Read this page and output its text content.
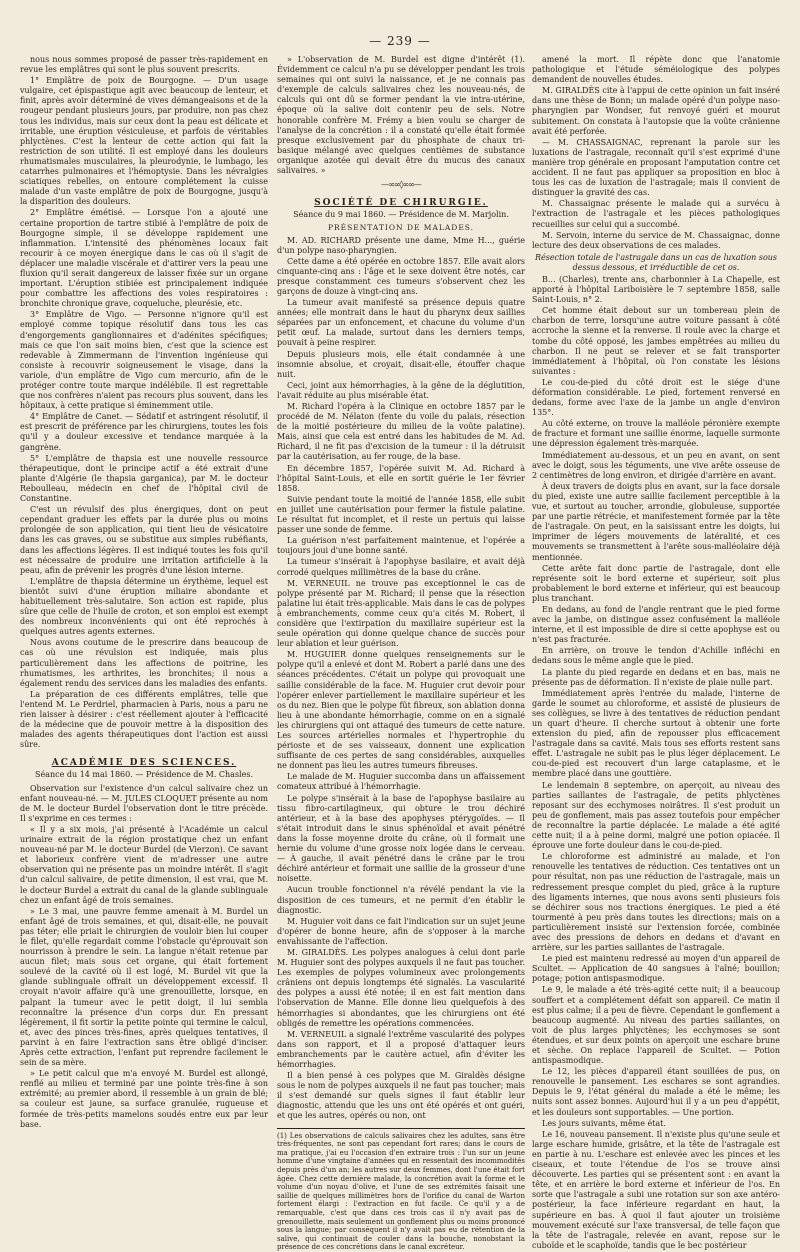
— 239 —

nous nous sommes proposé de passer très-rapidement en revue les emplâtres qui sont le plus souvent prescrits.

1° Emplâtre de poix de Bourgogne. — D'un usage vulgaire, cet épispastique agit avec beaucoup de lenteur, et finit, après avoir déterminé de vives démangeaisons et de la rougeur pendant plusieurs jours, par produire, non pas chez tous les individus, mais sur ceux dont la peau est délicate et irritable, une éruption vésiculeuse, et parfois de véritables phlyctènes. C'est la lenteur de cette action qui fait la restriction de son utilité. Il est employé dans les douleurs rhumatismales musculaires, la pleurodynie, le lumbago, les catarrhes pulmonaires et l'hémoptysie. Dans les névralgies sciatiques rebelles, on entoure complétement la cuisse malade d'un vaste emplâtre de poix de Bourgogne, jusqu'à la disparition des douleurs.

2° Emplâtre émétisé. — Lorsque l'on a ajouté une certaine proportion de tartre stibié à l'emplâtre de poix de Bourgogne simple, il se développe rapidement une inflammation. L'intensité des phénomènes locaux fait recourir à ce moyen énergique dans le cas où il s'agit de déplacer une maladie viscérale et d'attirer vers la peau une fluxion qu'il serait dangereux de laisser fixée sur un organe important. L'éruption stibiée est principalement indiquée pour combattre les affections des voies respiratoires : bronchite chronique grave, coqueluche, pleurésie, etc.

3° Emplâtre de Vigo. — Personne n'ignore qu'il est employé comme topique résolutif dans tous les cas d'engorgements ganglionnaires et d'adénites spécifiques; mais ce que l'on sait moins bien, c'est que la science est redevable à Zimmermann de l'invention ingénieuse qui consiste à recouvrir soigneusement le visage, dans la variole, d'un emplâtre de Vigo cum mercurio, afin de le protéger contre toute marque indélébile. Il est regrettable que nos confrères n'aient pas recours plus souvent, dans les hôpitaux, à cette pratique si éminemment utile.

4° Emplâtre de Canet. — Sédatif et astringent résolutif, il est prescrit de préférence par les chirurgiens, toutes les fois qu'il y a douleur excessive et tendance marquée à la gangrène.

5° L'emplâtre de thapsia est une nouvelle ressource thérapeutique, dont le principe actif a été extrait d'une plante d'Algérie (le thapsia garganica), par M. le docteur Reboulleau, médecin en chef de l'hôpital civil de Constantine.

C'est un révulsif des plus énergiques, dont on peut cependant graduer les effets par la durée plus ou moins prolongée de son application, qui tient lieu de vésicatoire dans les cas graves, ou se substitue aux simples rubéfiants, dans les affections légères. Il est indiqué toutes les fois qu'il est nécessaire de produire une irritation artificielle à la peau, afin de prévenir les progrès d'une lésion interne.

L'emplâtre de thapsia détermine un érythème, lequel est bientôt suivi d'une éruption miliaire abondante et habituellement très-salutaire. Son action est rapide, plus sûre que celle de l'huile de croton, et son emploi est exempt des nombreux inconvénients qui ont été reprochés à quelques autres agents externes.

Nous avons coutume de le prescrire dans beaucoup de cas où une révulsion est indiquée, mais plus particulièrement dans les affections de poitrine, les rhumatismes, les arthrites, les bronchites; il nous a également rendu des services dans les maladies des enfants.

La préparation de ces différents emplâtres, telle que l'entend M. Le Perdriel, pharmacien à Paris, nous a paru ne rien laisser à désirer : c'est réellement ajouter à l'efficacité de la médecine que de pouvoir mettre à la disposition des malades des agents thérapeutiques dont l'action est aussi sûre.

ACADÉMIE DES SCIENCES.
Séance du 14 mai 1860. — Présidence de M. Chasles.

Observation sur l'existence d'un calcul salivaire chez un enfant nouveau-né. — M. JULES CLOQUET présente au nom de M. le docteur Burdel l'observation dont le titre précède. Il s'exprime en ces termes :

« Il y a six mois, j'ai présenté à l'Académie un calcul urinaire extrait de la région prostatique chez un enfant nouveau-né par M. le docteur Burdel (de Vierzon). Ce savant et laborieux confrère vient de m'adresser une autre observation qui ne présente pas un moindre intérêt. Il s'agit d'un calcul salivaire, de petite dimension, il est vrai, que M. le docteur Burdel a extrait du canal de la glande sublinguale chez un enfant âgé de trois semaines.

» Le 3 mai, une pauvre femme amenait à M. Burdel un enfant âgé de trois semaines, et qui, disait-elle, ne pouvait pas téter; elle priait le chirurgien de vouloir bien lui couper le filet, qu'elle regardait comme l'obstacle qu'éprouvait son nourrisson à prendre le sein. La langue n'était retenue par aucun filet; mais sous cet organe, qui était fortement soulevé de la cavité où il est logé, M. Burdel vit que la glande sublinguale offrait un développement excessif. Il croyait n'avoir affaire qu'à une grenouillette, lorsque, en palpant la tumeur avec le petit doigt, il lui sembla reconnaître la présence d'un corps dur. En pressant légèrement, il fit sortir la petite pointe qui termine le calcul, et, avec des pinces très-fines, après quelques tentatives, il parvint à en faire l'extraction sans être obligé d'inciser. Après cette extraction, l'enfant put reprendre facilement le sein de sa mère.

» Le petit calcul que m'a envoyé M. Burdel est allongé, renflé au milieu et terminé par une pointe très-fine à son extrémité; au premier abord, il ressemble à un grain de blé; sa couleur est jaune, sa surface granulée, rugueuse et formée de très-petits mamelons soudés entre eux par leur base.

» L'observation de M. Burdel est digne d'intérêt (1). Évidemment ce calcul n'a pu se développer pendant les trois semaines qui ont suivi la naissance, et je ne connais pas d'exemple de calculs salivaires chez les nouveau-nés, de calculs qui ont dû se former pendant la vie intra-utérine, époque où la salive doit contenir peu de sels. Notre honorable confrère M. Frémy a bien voulu se charger de l'analyse de la concrétion : il a constaté qu'elle était formée presque exclusivement par du phosphate de chaux tri-basique mélangé avec quelques centièmes de substance organique azotée qui devait être du mucus des canaux salivaires. »

—∞∞◊∞∞—
SOCIÉTÉ DE CHIRURGIE.
Séance du 9 mai 1860. — Présidence de M. Marjolin.
PRÉSENTATION DE MALADES.

M. AD. RICHARD présente une dame, Mme H..., guérie d'un polype naso-pharyngien.

Cette dame a été opérée en octobre 1857. Elle avait alors cinquante-cinq ans : l'âge et le sexe doivent être notés, car presque constamment ces tumeurs s'observent chez les garçons de douze à vingt-cinq ans.

La tumeur avait manifesté sa présence depuis quatre années; elle montrait dans le haut du pharynx deux saillies séparées par un enfoncement, et chacune du volume d'un petit œuf. La malade, surtout dans les derniers temps, pouvait à peine respirer.

Depuis plusieurs mois, elle était condamnée à une insomnie absolue, et croyait, disait-elle, étouffer chaque nuit.

Ceci, joint aux hémorrhagies, à la gêne de la déglutition, l'avait réduite au plus misérable état.

M. Richard l'opéra à la Clinique en octobre 1857 par le procédé de M. Nélaton (fente du voile du palais, résection de la moitié postérieure du milieu de la voûte palatine). Mais, ainsi que cela est entré dans les habitudes de M. Ad. Richard, il ne fit pas d'excision de la tumeur : il la détruisit par la cautérisation, au fer rouge, de la base.

En décembre 1857, l'opérée suivit M. Ad. Richard à l'hôpital Saint-Louis, et elle en sortit guérie le 1er février 1858.

Suivie pendant toute la moitié de l'année 1858, elle subit en juillet une cautérisation pour fermer la fistule palatine. Le résultat fut incomplet, et il reste un pertuis qui laisse passer une sonde de femme.

La guérison n'est parfaitement maintenue, et l'opérée a toujours joui d'une bonne santé.

La tumeur s'insérait à l'apophyse basilaire, et avait déjà corrodé quelques millimètres de la base du crâne.

M. VERNEUIL ne trouve pas exceptionnel le cas de polype présenté par M. Richard; il pense que la résection palatine lui était très-applicable. Mais dans le cas de polypes à embranchements, comme ceux qu'a cités M. Robert, il considère que l'extirpation du maxillaire supérieur est la seule opération qui donne quelque chance de succès pour leur ablation et leur guérison.

M. HUGUIER donne quelques renseignements sur le polype qu'il a enlevé et dont M. Robert a parlé dans une des séances précédentes. C'était un polype qui provoquait une saillie considérable de la face. M. Huguier crut devoir pour l'opérer enlever partiellement le maxillaire supérieur et les os du nez. Bien que le polype fût fibreux, son ablation donna lieu à une abondante hémorrhagie, comme on en a signalé les chirurgiens qui ont attaqué des tumeurs de cette nature. Les sources artérielles normales et l'hypertrophie du périoste et de ses vaisseaux, donnent une explication suffisante de ces pertes de sang considérables, auxquelles ne donnent pas lieu les autres tumeurs fibreuses.

Le malade de M. Huguier succomba dans un affaissement comateux attribué à l'hémorrhagie.

Le polype s'insérait à la base de l'apophyse basilaire au tissu fibro-cartilagineux, qui obture le trou déchiré antérieur, et à la base des apophyses ptérygoïdes. — Il s'était introduit dans le sinus sphénoïdal et avait pénétré dans la fosse moyenne droite du crâne, où il formait une hernie du volume d'une grosse noix logée dans le cerveau. — À gauche, il avait pénétré dans le crâne par le trou déchiré antérieur et formait une saillie de la grosseur d'une noisette.

Aucun trouble fonctionnel n'a révélé pendant la vie la disposition de ces tumeurs, et ne permit d'en établir le diagnostic.

M. Huguier voit dans ce fait l'indication sur un sujet jeune d'opérer de bonne heure, afin de s'opposer à la marche envahissante de l'affection.

M. GIRALDÈS. Les polypes analogues à celui dont parle M. Huguier sont des polypes auxquels il ne faut pas toucher. Les exemples de polypes volumineux avec prolongements crâniens ont depuis longtemps été signalés. La vascularité des polypes a aussi été notée; il en est fait mention dans l'observation de Manne. Elle donne lieu quelquefois à des hémorrhagies si abondantes, que les chirurgiens ont été obligés de remettre les opérations commencées.

M. VERNEUIL a signalé l'extrême vascularité des polypes dans son rapport, et il a proposé d'attaquer leurs embranchements par le cautère actuel, afin d'éviter les hémorrhagies.

Il a bien pensé à ces polypes que M. Giraldès désigne sous le nom de polypes auxquels il ne faut pas toucher; mais il s'est demandé sur quels signes il faut établir leur diagnostic, attendu que les uns ont été opérés et ont guéri, et que les autres, opérés ou non, ont

(1) Les observations de calculs salivaires chez les adultes, sans être très-fréquentes, ne sont pas cependant fort rares; dans le cours de ma pratique, j'ai eu l'occasion d'en extraire trois : l'un sur un jeune homme d'une vingtaine d'années qui en ressentait des incommodités depuis près d'un an; les autres sur deux femmes, dont l'une était fort âgée. Chez cette dernière malade, la concrétion avait la forme et le volume d'un noyau d'olive, et l'une de ses extrémités faisait une saillie de quelques millimètres hors de l'orifice du canal de Warton fortement élargi : l'extraction en fut facile. Ce qu'il y a de remarquable, c'est que dans ces trois cas il n'y avait pas de grenouillette, mais seulement un gonflement plus ou moins prononcé sous la langue; par conséquent il n'y avait pas eu de rétention de la salive, qui continuait de couler dans la bouche, nonobstant la présence de ces concrétions dans le canal excréteur.

amené la mort. Il répète donc que l'anatomie pathologique et l'étude séméiologique des polypes demandent de nouvelles études.

M. GIRALDÈS cite à l'appui de cette opinion un fait inséré dans une thèse de Bonn; un malade opéré d'un polype naso-pharyngien par Wondser, fut renvoyé guéri et mourut subitement. On constata à l'autopsie que la voûte crânienne avait été perforée.

— M. CHASSAIGNAC, reprenant la parole sur les luxations de l'astragale, reconnaît qu'il s'est exprimé d'une manière trop générale en proposant l'amputation contre cet accident. Il ne faut pas appliquer sa proposition en bloc à tous les cas de luxation de l'astragale; mais il convient de distinguer la gravité des cas.

M. Chassaignac présente le malade qui a survécu à l'extraction de l'astragale et les pièces pathologiques recueillies sur celui qui a succombé.

M. Servoin, interne du service de M. Chassaignac, donne lecture des deux observations de ces malades.

Résection totale de l'astragale dans un cas de luxation sous dessus dessous, et irréductible de cet os.

B... (Charles), trente ans, charbonnier à La Chapelle, est apporté à l'hôpital Lariboisière le 7 septembre 1858, salle Saint-Louis, n° 2.

Cet homme était debout sur un tombereau plein de charbon de terre, lorsqu'une autre voiture passant à côté accroche la sienne et la renverse. Il roule avec la charge et tombe du côté opposé, les jambes empêtrées au milieu du charbon. Il ne peut se relever et se fait transporter immédiatement à l'hôpital, où l'on constate les lésions suivantes :

Le cou-de-pied du côté droit est le siége d'une déformation considérable. Le pied, fortement renversé en dedans, forme avec l'axe de la jambe un angle d'environ 135°.

Au côté externe, on trouve la malléole péronière exempte de fracture et formant une saillie énorme, laquelle surmonte une dépression également très-marquée.

Immédiatement au-dessous, et un peu en avant, on sent avec le doigt, sous les téguments, une vive arête osseuse de 2 centimètres de long environ, et dirigée d'arrière en avant.

À deux travers de doigts plus en avant, sur la face dorsale du pied, existe une autre saillie facilement perceptible à la vue, et surtout au toucher, arrondie, globuleuse, supportée par une partie rétrécie, et manifestement formée par la tête de l'astragale. On peut, en la saisissant entre les doigts, lui imprimer de légers mouvements de latéralité, et ces mouvements se transmettent à l'arête sous-malléolaire déjà mentionnée.

Cette arête fait donc partie de l'astragale, dont elle représente soit le bord externe et supérieur, soit plus probablement le bord externe et inférieur, qui est beaucoup plus tranchant.

En dedans, au fond de l'angle rentrant que le pied forme avec la jambe, on distingue assez confusément la malléole interne, et il est impossible de dire si cette apophyse est ou n'est pas fracturée.

En arrière, on trouve le tendon d'Achille infléchi en dedans sous le même angle que le pied.

La plante du pied regarde en dedans et en bas, mais ne présente pas de déformation. Il n'existe de plaie nulle part.

Immédiatement après l'entrée du malade, l'interne de garde le soumet au chloroforme, et assisté de plusieurs de ses collègues, se livre à des tentatives de réduction pendant un quart d'heure. Il cherche surtout à obtenir une forte extension du pied, afin de repousser plus efficacement l'astragale dans sa cavité. Mais tous ses efforts restent sans effet. L'astragale ne subit pas le plus léger déplacement. Le cou-de-pied est recouvert d'un large cataplasme, et le membre placé dans une gouttière.

Le lendemain 8 septembre, on aperçoit, au niveau des parties saillantes de l'astragale, de petits phlyctènes reposant sur des ecchymoses noirâtres. Il s'est produit un peu de gonflement, mais pas assez toutefois pour empêcher de reconnaître la partie déplacée. Le malade a été agité cette nuit; il a à peine dormi, malgré une potion opiacée. Il éprouve une forte douleur dans le cou-de-pied.

Le chloroforme est administré au malade, et l'on renouvelle les tentatives de réduction. Ces tentatives ont un pour résultat, non pas une réduction de l'astragale, mais un redressement presque complet du pied, grâce à la rupture des ligaments internes, que nous avons senti plusieurs fois se déchirer sous nos tractions énergiques. Le pied a été tourmenté à peu près dans toutes les directions; mais on a particulièrement insisté sur l'extension forcée, combinée avec des pressions de dehors en dedans et d'avant en arrière, sur les parties saillantes de l'astragale.

Le pied est maintenu redressé au moyen d'un appareil de Scultet. — Application de 40 sangsues à l'aîné; bouillon; potage; potion antispasmodique.

Le 9, le malade a été très-agité cette nuit; il a beaucoup souffert et a complétement défait son appareil. Ce matin il est plus calme; il a peu de fièvre. Cependant le gonflement a beaucoup augmenté. Au niveau des parties saillantes, on voit de plus larges phlyctènes; les ecchymoses se sont étendues, et sur deux points on aperçoit une eschare brune et sèche. On replace l'appareil de Scultet. — Potion antispasmodique.

Le 12, les pièces d'appareil étant souillées de pus, on renouvelle le pansement. Les eschares se sont agrandies. Depuis le 9, l'état général du malade a été le même; les nuits sont assez bonnes. Aujourd'hui il y a un peu d'appétit, et les douleurs sont supportables. — Une portion.

Les jours suivants, même état.

Le 16, nouveau pansement. Il n'existe plus qu'une seule et large eschare humide, grisâtre, et la tête de l'astragale est en partie à nu. L'eschare est enlevée avec les pinces et les ciseaux, et toute l'étendue de l'os se trouve ainsi découverte. Les parties qui se présentent sont : en avant la tête, et en arrière le bord externe et inférieur de l'os. En sorte que l'astragale a subi une rotation sur son axe antéro-postérieur, la face inférieure regardant en haut, la supérieure en bas. À quoi il faut ajouter un troisième mouvement exécuté sur l'axe transversal, de telle façon que la tête de l'astragale, relevée en avant, repose sur le cuboïde et le scaphoïde, tandis que le bec postérieur
